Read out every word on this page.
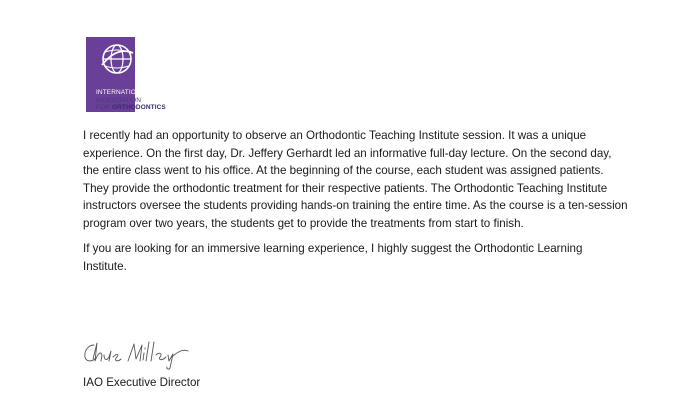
INTERNATIONAL
ASSOCIATION
FOR ORTHODONTICS

I recently had an opportunity to observe an Orthodontic Teaching Institute session. It was a unique experience. On the first day, Dr. Jeffery Gerhardt led an informative full-day lecture. On the second day, the entire class went to his office. At the beginning of the course, each student was assigned patients. They provide the orthodontic treatment for their respective patients. The Orthodontic Teaching Institute instructors oversee the students providing hands-on training the entire time. As the course is a ten-session program over two years, the students get to provide the treatments from start to finish.

If you are looking for an immersive learning experience, I highly suggest the Orthodontic Learning Institute.

IAO Executive Director
